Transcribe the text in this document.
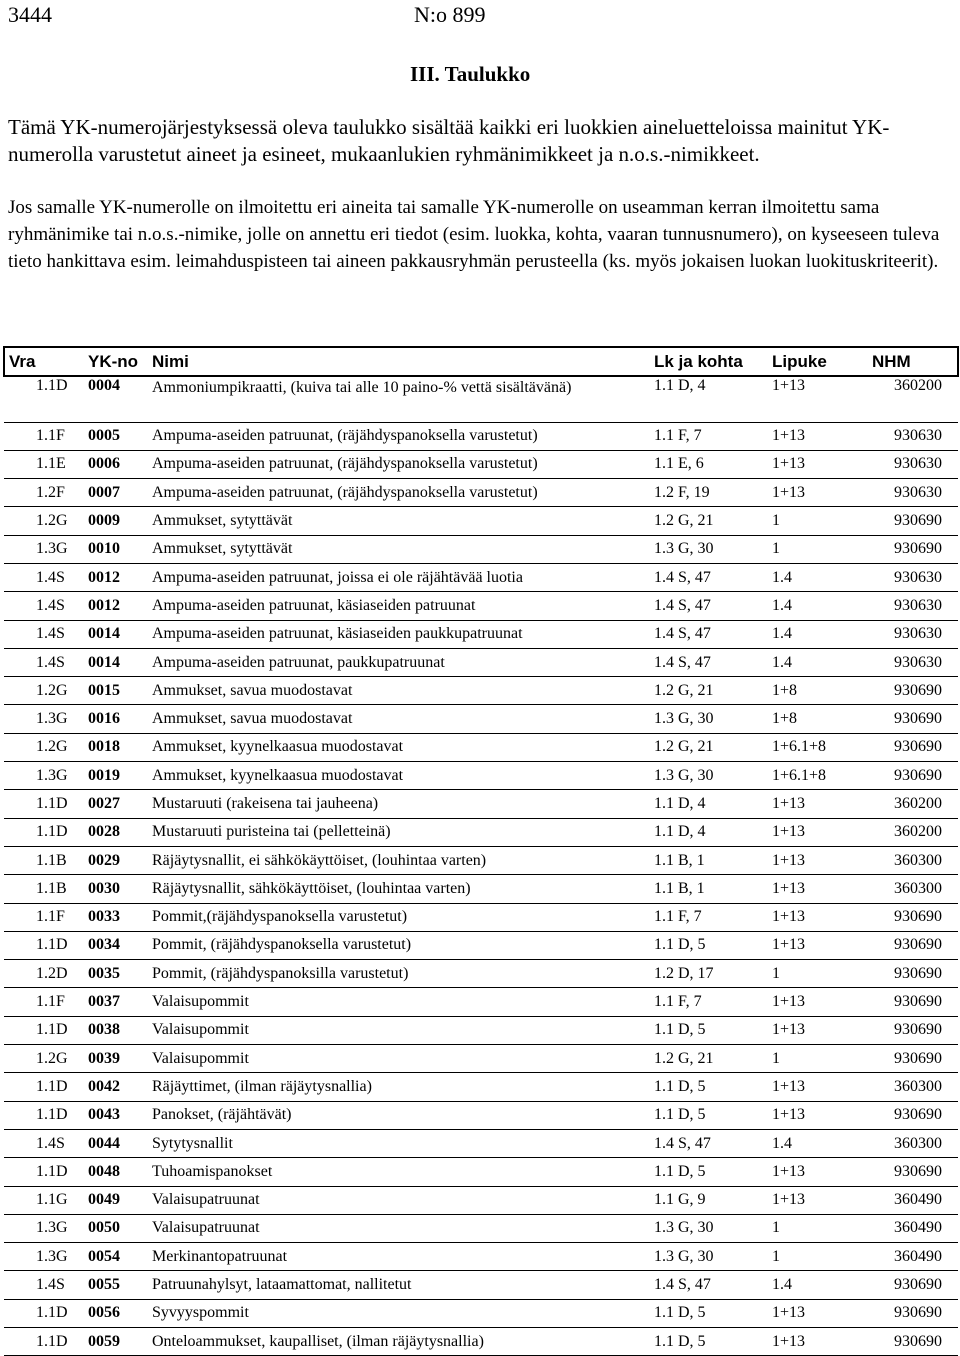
3444	N:o 899
III. Taulukko
Tämä YK-numerojärjestyksessä oleva taulukko sisältää kaikki eri luokkien aineluetteloissa mainitut YK-numerolla varustetut aineet ja esineet, mukaanlukien ryhmänimikkeet ja n.o.s.-nimikkeet.
Jos samalle YK-numerolle on ilmoitettu eri aineita tai samalle YK-numerolle on useamman kerran ilmoitettu sama ryhmänimike tai n.o.s.-nimike, jolle on annettu eri tiedot (esim. luokka, kohta, vaaran tunnusnumero), on kyseeseen tuleva tieto hankittava esim. leimahduspisteen tai aineen pakkausryhmän perusteella (ks. myös jokaisen luokan luokituskriteerit).
Vra	YK-no	Nimi	Lk ja kohta	Lipuke	NHM
1.1D	0004	Ammoniumpikraatti, (kuiva tai alle 10 paino-% vettä sisältävänä)	1.1 D, 4	1+13	360200
1.1F	0005	Ampuma-aseiden patruunat, (räjähdyspanoksella varustetut)	1.1 F, 7	1+13	930630
1.1E	0006	Ampuma-aseiden patruunat, (räjähdyspanoksella varustetut)	1.1 E, 6	1+13	930630
1.2F	0007	Ampuma-aseiden patruunat, (räjähdyspanoksella varustetut)	1.2 F, 19	1+13	930630
1.2G	0009	Ammukset, sytyttävät	1.2 G, 21	1	930690
1.3G	0010	Ammukset, sytyttävät	1.3 G, 30	1	930690
1.4S	0012	Ampuma-aseiden patruunat, joissa ei ole räjähtävää luotia	1.4 S, 47	1.4	930630
1.4S	0012	Ampuma-aseiden patruunat, käsiaseiden patruunat	1.4 S, 47	1.4	930630
1.4S	0014	Ampuma-aseiden patruunat, käsiaseiden paukkupatruunat	1.4 S, 47	1.4	930630
1.4S	0014	Ampuma-aseiden patruunat, paukkupatruunat	1.4 S, 47	1.4	930630
1.2G	0015	Ammukset, savua muodostavat	1.2 G, 21	1+8	930690
1.3G	0016	Ammukset, savua muodostavat	1.3 G, 30	1+8	930690
1.2G	0018	Ammukset, kyynelkaasua muodostavat	1.2 G, 21	1+6.1+8	930690
1.3G	0019	Ammukset, kyynelkaasua muodostavat	1.3 G, 30	1+6.1+8	930690
1.1D	0027	Mustaruuti (rakeisena tai jauheena)	1.1 D, 4	1+13	360200
1.1D	0028	Mustaruuti puristeina tai (pelletteinä)	1.1 D, 4	1+13	360200
1.1B	0029	Räjäytysnallit, ei sähkökäyttöiset, (louhintaa varten)	1.1 B, 1	1+13	360300
1.1B	0030	Räjäytysnallit, sähkökäyttöiset, (louhintaa varten)	1.1 B, 1	1+13	360300
1.1F	0033	Pommit,(räjähdyspanoksella varustetut)	1.1 F, 7	1+13	930690
1.1D	0034	Pommit, (räjähdyspanoksella varustetut)	1.1 D, 5	1+13	930690
1.2D	0035	Pommit, (räjähdyspanoksilla varustetut)	1.2 D, 17	1	930690
1.1F	0037	Valaisupommit	1.1 F, 7	1+13	930690
1.1D	0038	Valaisupommit	1.1 D, 5	1+13	930690
1.2G	0039	Valaisupommit	1.2 G, 21	1	930690
1.1D	0042	Räjäyttimet, (ilman räjäytysnallia)	1.1 D, 5	1+13	360300
1.1D	0043	Panokset, (räjähtävät)	1.1 D, 5	1+13	930690
1.4S	0044	Sytytysnallit	1.4 S, 47	1.4	360300
1.1D	0048	Tuhoamispanokset	1.1 D, 5	1+13	930690
1.1G	0049	Valaisupatruunat	1.1 G, 9	1+13	360490
1.3G	0050	Valaisupatruunat	1.3 G, 30	1	360490
1.3G	0054	Merkinantopatruunat	1.3 G, 30	1	360490
1.4S	0055	Patruunahylsyt, lataamattomat, nallitetut	1.4 S, 47	1.4	930690
1.1D	0056	Syvyyspommit	1.1 D, 5	1+13	930690
1.1D	0059	Onteloammukset, kaupalliset, (ilman räjäytysnallia)	1.1 D, 5	1+13	930690
